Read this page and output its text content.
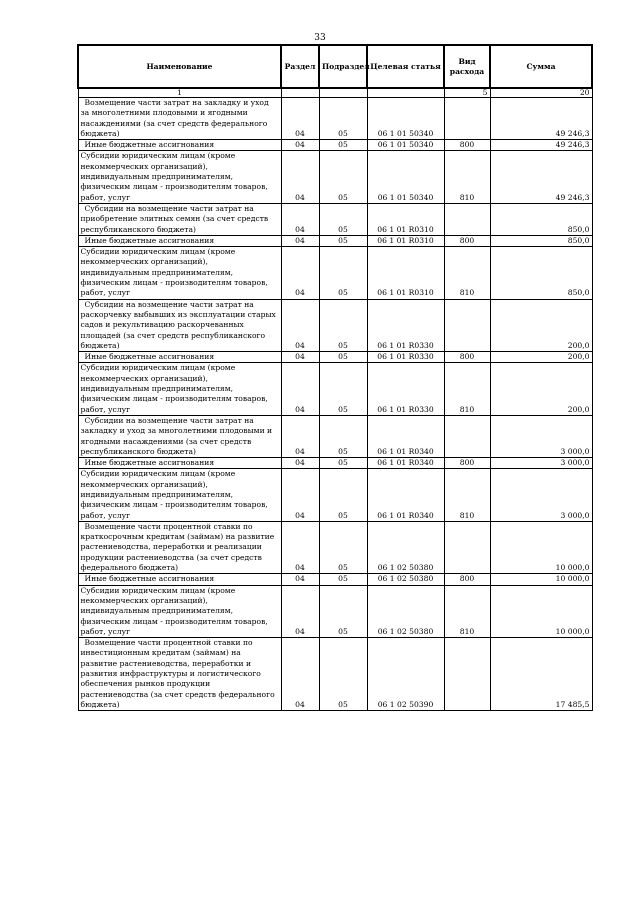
33
Наименование	Раздел	Подраздел	Целевая статья	Вид расхода	Сумма
1				5	20
Возмещение части затрат на закладку и уход за многолетними плодовыми и ягодными насаждениями (за счет средств федерального бюджета)	04	05	06 1 01 50340		49 246,3
Иные бюджетные ассигнования	04	05	06 1 01 50340	800	49 246,3
Субсидии юридическим лицам (кроме некоммерческих организаций), индивидуальным предпринимателям, физическим лицам - производителям товаров, работ, услуг	04	05	06 1 01 50340	810	49 246,3
Субсидии на возмещение части затрат на приобретение элитных семян (за счет средств республиканского бюджета)	04	05	06 1 01 R0310		850,0
Иные бюджетные ассигнования	04	05	06 1 01 R0310	800	850,0
Субсидии юридическим лицам (кроме некоммерческих организаций), индивидуальным предпринимателям, физическим лицам - производителям товаров, работ, услуг	04	05	06 1 01 R0310	810	850,0
Субсидии на возмещение части затрат на раскорчевку выбывших из эксплуатации старых садов и рекультивацию раскорчеванных площадей (за счет средств республиканского бюджета)	04	05	06 1 01 R0330		200,0
Иные бюджетные ассигнования	04	05	06 1 01 R0330	800	200,0
Субсидии юридическим лицам (кроме некоммерческих организаций), индивидуальным предпринимателям, физическим лицам - производителям товаров, работ, услуг	04	05	06 1 01 R0330	810	200,0
Субсидии на возмещение части затрат на закладку и уход за многолетними плодовыми и ягодными насаждениями (за счет средств республиканского бюджета)	04	05	06 1 01 R0340		3 000,0
Иные бюджетные ассигнования	04	05	06 1 01 R0340	800	3 000,0
Субсидии юридическим лицам (кроме некоммерческих организаций), индивидуальным предпринимателям, физическим лицам - производителям товаров, работ, услуг	04	05	06 1 01 R0340	810	3 000,0
Возмещение части процентной ставки по краткосрочным кредитам (займам) на развитие растениеводства, переработки и реализации продукции растениеводства (за счет средств федерального бюджета)	04	05	06 1 02 50380		10 000,0
Иные бюджетные ассигнования	04	05	06 1 02 50380	800	10 000,0
Субсидии юридическим лицам (кроме некоммерческих организаций), индивидуальным предпринимателям, физическим лицам - производителям товаров, работ, услуг	04	05	06 1 02 50380	810	10 000,0
Возмещение части процентной ставки по инвестиционным кредитам (займам) на развитие растениеводства, переработки и развития инфраструктуры и логистического обеспечения рынков продукции растениеводства (за счет средств федерального бюджета)	04	05	06 1 02 50390		17 485,5
